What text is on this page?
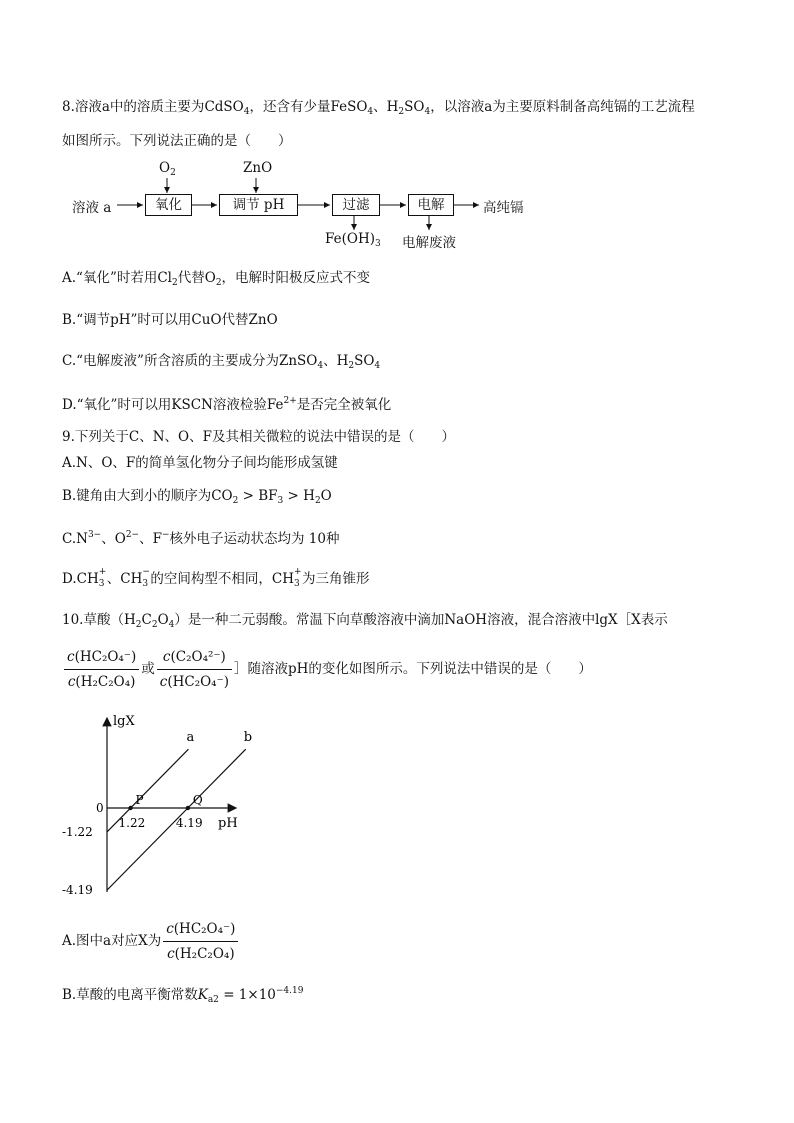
8.溶液a中的溶质主要为CdSO$_4$，还含有少量FeSO$_4$、$H_2SO_4$，以溶液a为主要原料制备高纯镉的工艺流程
如图所示。下列说法正确的是（　　）
$O_2$	ZnO
溶液 a	氧化	调节 pH	过滤	电解	高纯镉
$Fe(OH)_3$ 电解废液
A.“氧化”时若用$Cl_2$代替$O_2$，电解时阳极反应式不变
B.“调节pH”时可以用CuO代替ZnO
C.“电解废液”所含溶质的主要成分为ZnSO$_4$、$H_2SO_4$
D.“氧化”时可以用KSCN溶液检验$Fe^{2+}$是否完全被氧化
9.下列关于C、N、O、F及其相关微粒的说法中错误的是（　　）
A.N、O、F的简单氢化物分子间均能形成氢键
B.键角由大到小的顺序为$CO_2 > BF_3 > H_2O$
$C.N^{3-}$、$O^{2-}$、F−核外电子运动状态均为 10种
D.CH +
3 、CH −
3 的空间构型不相同，CH +
3 为三角锥形
10.草酸$(H_2C_2O_4)$是一种二元弱酸。常温下向草酸溶液中滴加NaOH溶液，混合溶液中lgX［X表示
$\frac{\text{c(HC₂O₄⁻)}}{\text{c(H₂C₂O₄)}}$ 或 $\frac{\text{c(C₂O₄²⁻)}}{\text{c(HC₂O₄⁻)}}$ ］随溶液pH的变化如图所示。下列说法中错误的是（　　）
a	b
P	Q
0
1.22	4.19
-1.22
-4.19
lgX
pH
A.图中a对应X为 $\frac{\text{c(HC₂O₄⁻)}}{\text{c(H₂C₂O₄)}}$
B.草酸的电离平衡常数$K_{a2} = 1\times 10^{-4.19}$
